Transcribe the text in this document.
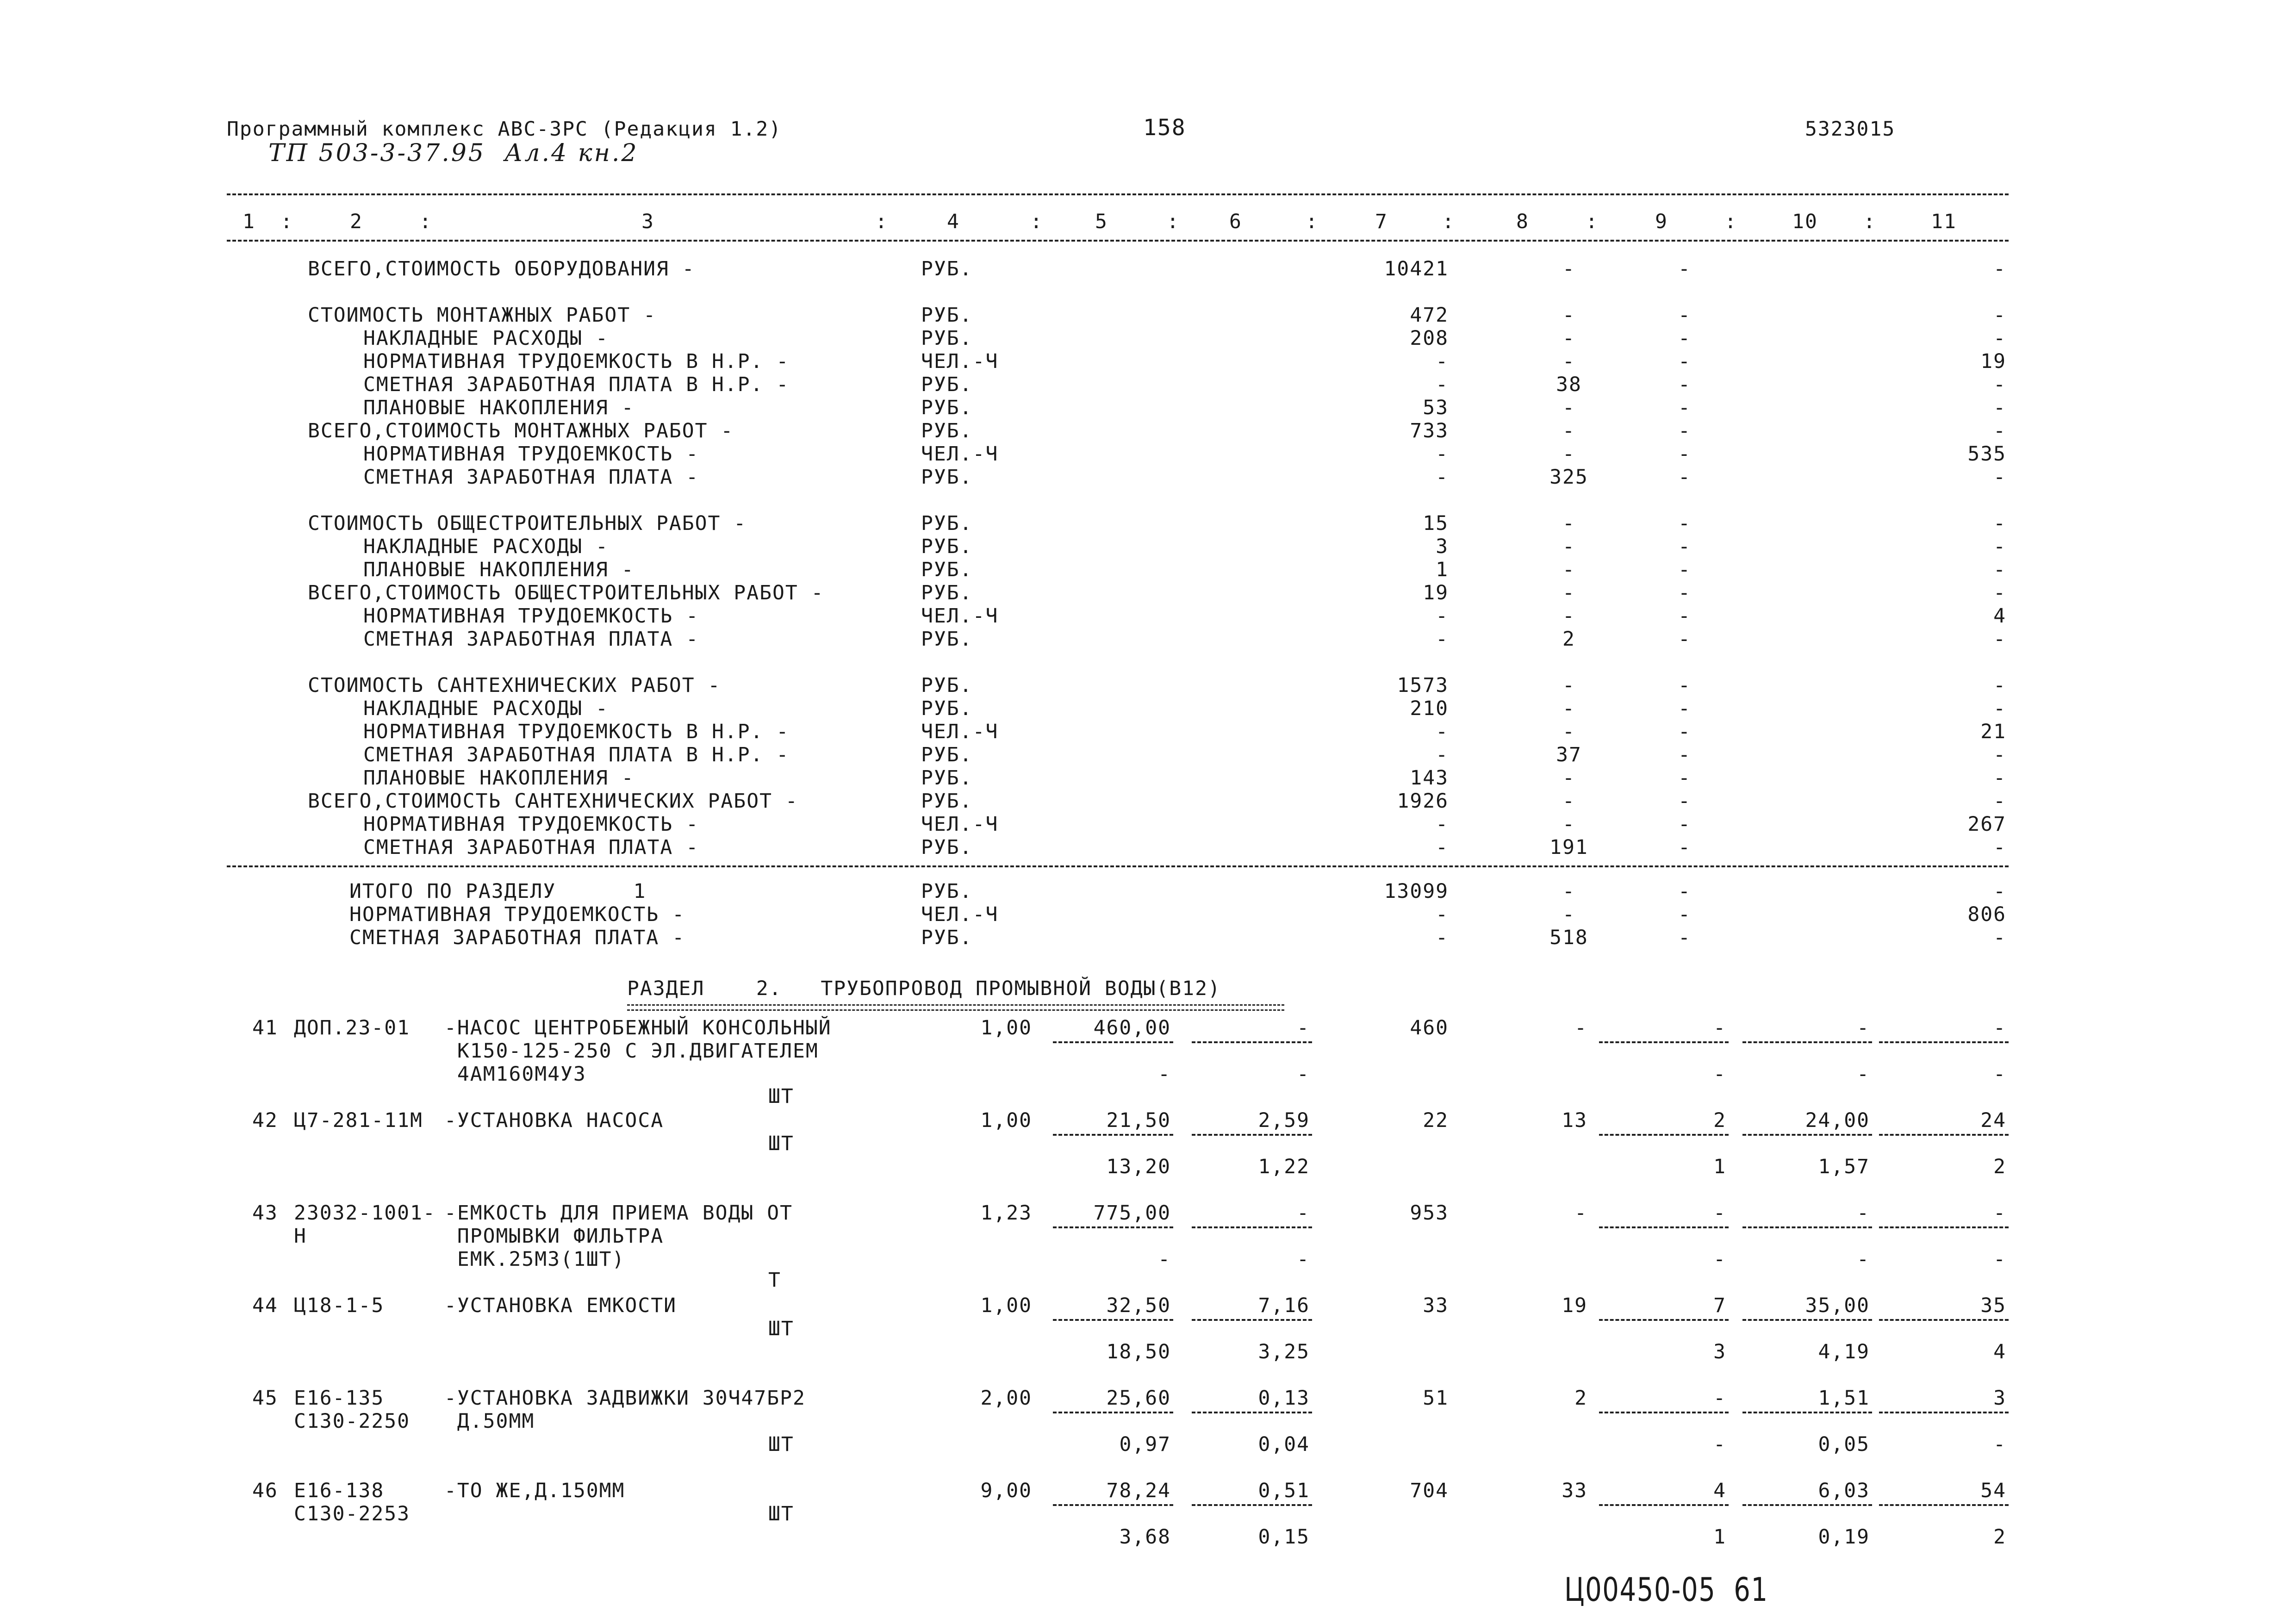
Программный комплекс АВС-3РС (Редакция 1.2)	158	5323015
ТП 503-3-37.95  Ал.4 кн.2
1	2	3	4	5	6	7	8	9	10	11
:	:	:	:	:	:	:	:	:	:
ВСЕГО,СТОИМОСТЬ ОБОРУДОВАНИЯ -	РУБ.	10421	-	-	-
СТОИМОСТЬ МОНТАЖНЫХ РАБОТ -	РУБ.	472	-	-	-
НАКЛАДНЫЕ РАСХОДЫ -	РУБ.	208	-	-	-
НОРМАТИВНАЯ ТРУДОЕМКОСТЬ В Н.Р. -	ЧЕЛ.-Ч	-	-	-	19
СМЕТНАЯ ЗАРАБОТНАЯ ПЛАТА В Н.Р. -	РУБ.	-	38	-	-
ПЛАНОВЫЕ НАКОПЛЕНИЯ -	РУБ.	53	-	-	-
ВСЕГО,СТОИМОСТЬ МОНТАЖНЫХ РАБОТ -	РУБ.	733	-	-	-
НОРМАТИВНАЯ ТРУДОЕМКОСТЬ -	ЧЕЛ.-Ч	-	-	-	535
СМЕТНАЯ ЗАРАБОТНАЯ ПЛАТА -	РУБ.	-	325	-	-
СТОИМОСТЬ ОБЩЕСТРОИТЕЛЬНЫХ РАБОТ -	РУБ.	15	-	-	-
НАКЛАДНЫЕ РАСХОДЫ -	РУБ.	3	-	-	-
ПЛАНОВЫЕ НАКОПЛЕНИЯ -	РУБ.	1	-	-	-
ВСЕГО,СТОИМОСТЬ ОБЩЕСТРОИТЕЛЬНЫХ РАБОТ -	РУБ.	19	-	-	-
НОРМАТИВНАЯ ТРУДОЕМКОСТЬ -	ЧЕЛ.-Ч	-	-	-	4
СМЕТНАЯ ЗАРАБОТНАЯ ПЛАТА -	РУБ.	-	2	-	-
СТОИМОСТЬ САНТЕХНИЧЕСКИХ РАБОТ -	РУБ.	1573	-	-	-
НАКЛАДНЫЕ РАСХОДЫ -	РУБ.	210	-	-	-
НОРМАТИВНАЯ ТРУДОЕМКОСТЬ В Н.Р. -	ЧЕЛ.-Ч	-	-	-	21
СМЕТНАЯ ЗАРАБОТНАЯ ПЛАТА В Н.Р. -	РУБ.	-	37	-	-
ПЛАНОВЫЕ НАКОПЛЕНИЯ -	РУБ.	143	-	-	-
ВСЕГО,СТОИМОСТЬ САНТЕХНИЧЕСКИХ РАБОТ -	РУБ.	1926	-	-	-
НОРМАТИВНАЯ ТРУДОЕМКОСТЬ -	ЧЕЛ.-Ч	-	-	-	267
СМЕТНАЯ ЗАРАБОТНАЯ ПЛАТА -	РУБ.	-	191	-	-
ИТОГО ПО РАЗДЕЛУ      1	РУБ.	13099	-	-	-
НОРМАТИВНАЯ ТРУДОЕМКОСТЬ -	ЧЕЛ.-Ч	-	-	-	806
СМЕТНАЯ ЗАРАБОТНАЯ ПЛАТА -	РУБ.	-	518	-	-
РАЗДЕЛ    2.   ТРУБОПРОВОД ПРОМЫВНОЙ ВОДЫ(В12)
41 ДОП.23-01 -НАСОС ЦЕНТРОБЕЖНЫЙ КОНСОЛЬНЫЙ
К150-125-250 С ЭЛ.ДВИГАТЕЛЕМ
4АМ160М4У3
ШТ
1,00	460,00	-	460	-	-	-	-
-	-	-	-	-
42 Ц7-281-11М -УСТАНОВКА НАСОСА
ШТ
1,00	21,50	2,59	22	13	2	24,00	24
13,20	1,22	1	1,57	2
43 23032-1001-
Н
-ЕМКОСТЬ ДЛЯ ПРИЕМА ВОДЫ ОТ
ПРОМЫВКИ ФИЛЬТРА
ЕМК.25М3(1ШТ)
Т
1,23	775,00	-	953	-	-	-	-
-	-	-	-	-
44 Ц18-1-5	-УСТАНОВКА ЕМКОСТИ
ШТ
1,00	32,50	7,16	33	19	7	35,00	35
18,50	3,25	3	4,19	4
45 Е16-135
С130-2250
-УСТАНОВКА ЗАДВИЖКИ 30Ч47БР2
Д.50ММ
ШТ
2,00	25,60	0,13	51	2	-	1,51	3
0,97	0,04	-	0,05	-
46 Е16-138
С130-2253
-ТО ЖЕ,Д.150ММ
ШТ
9,00	78,24	0,51	704	33	4	6,03	54
3,68	0,15	1	0,19	2
Ц00450-05  61
